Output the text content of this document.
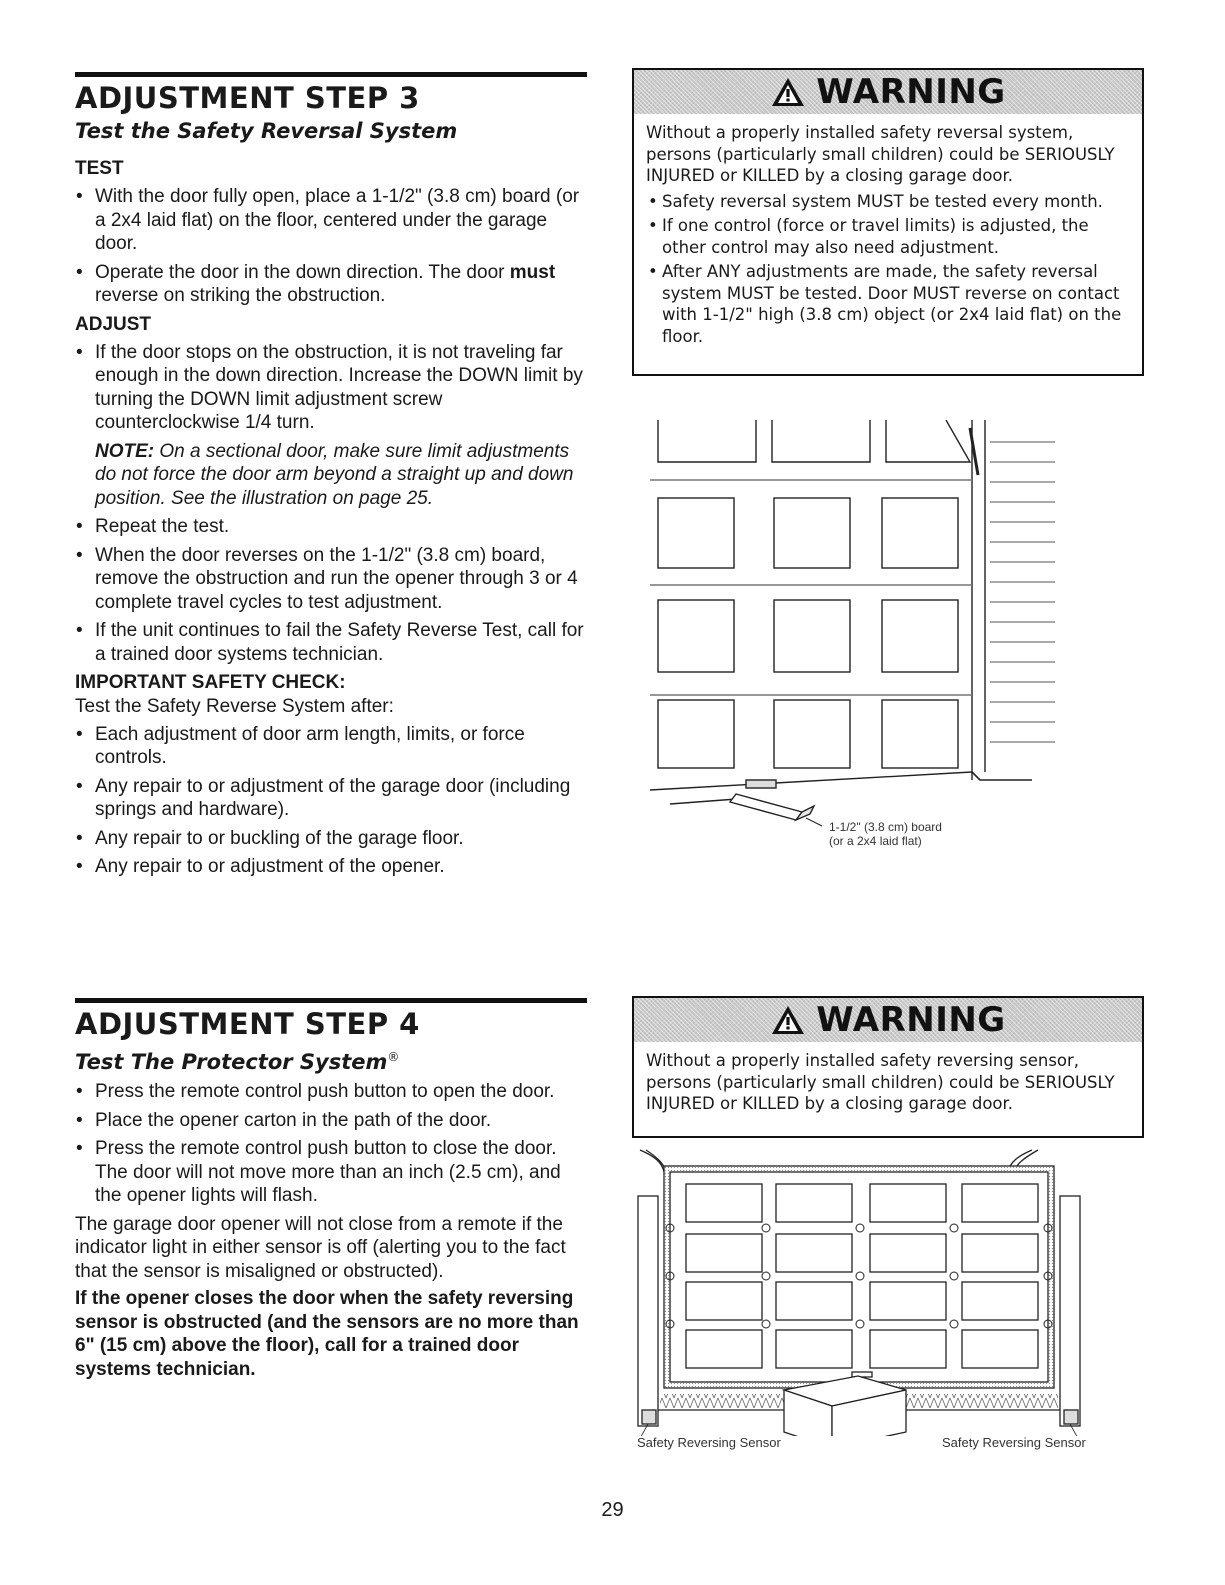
ADJUSTMENT STEP 3
Test the Safety Reversal System

TEST

• With the door fully open, place a 1-1/2" (3.8 cm) board (or a 2x4 laid flat) on the floor, centered under the garage door.
• Operate the door in the down direction. The door must reverse on striking the obstruction.

ADJUST

• If the door stops on the obstruction, it is not traveling far enough in the down direction. Increase the DOWN limit by turning the DOWN limit adjustment screw counterclockwise 1/4 turn.
NOTE: On a sectional door, make sure limit adjustments do not force the door arm beyond a straight up and down position. See the illustration on page 25.
• Repeat the test.
• When the door reverses on the 1-1/2" (3.8 cm) board, remove the obstruction and run the opener through 3 or 4 complete travel cycles to test adjustment.
• If the unit continues to fail the Safety Reverse Test, call for a trained door systems technician.

IMPORTANT SAFETY CHECK:

Test the Safety Reverse System after:

• Each adjustment of door arm length, limits, or force controls.
• Any repair to or adjustment of the garage door (including springs and hardware).
• Any repair to or buckling of the garage floor.
• Any repair to or adjustment of the opener.
WARNING

Without a properly installed safety reversal system, persons (particularly small children) could be SERIOUSLY INJURED or KILLED by a closing garage door.

• Safety reversal system MUST be tested every month.
• If one control (force or travel limits) is adjusted, the other control may also need adjustment.
• After ANY adjustments are made, the safety reversal system MUST be tested. Door MUST reverse on contact with 1-1/2" high (3.8 cm) object (or 2x4 laid flat) on the floor.
1-1/2" (3.8 cm) board
(or a 2x4 laid flat)
ADJUSTMENT STEP 4
Test The Protector System®
• Press the remote control push button to open the door.
• Place the opener carton in the path of the door.
• Press the remote control push button to close the door. The door will not move more than an inch (2.5 cm), and the opener lights will flash.

The garage door opener will not close from a remote if the indicator light in either sensor is off (alerting you to the fact that the sensor is misaligned or obstructed).

If the opener closes the door when the safety reversing sensor is obstructed (and the sensors are no more than 6" (15 cm) above the floor), call for a trained door systems technician.

WARNING

Without a properly installed safety reversing sensor, persons (particularly small children) could be SERIOUSLY INJURED or KILLED by a closing garage door.

Safety Reversing Sensor	Safety Reversing Sensor
29
